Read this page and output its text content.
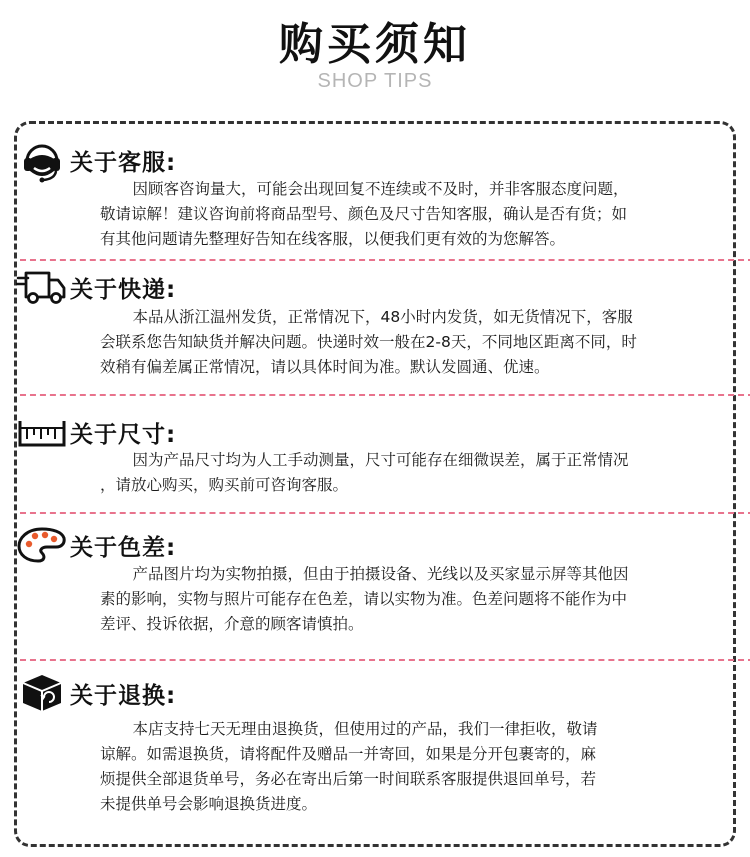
购买须知
SHOP TIPS
关于客服:
因顾客咨询量大，可能会出现回复不连续或不及时，并非客服态度问题，
敬请谅解！建议咨询前将商品型号、颜色及尺寸告知客服，确认是否有货；如
有其他问题请先整理好告知在线客服，以便我们更有效的为您解答。
关于快递:
本品从浙江温州发货，正常情况下，48小时内发货，如无货情况下，客服
会联系您告知缺货并解决问题。快递时效一般在2-8天，不同地区距离不同，时
效稍有偏差属正常情况，请以具体时间为准。默认发圆通、优速。
关于尺寸:
因为产品尺寸均为人工手动测量，尺寸可能存在细微误差，属于正常情况
，请放心购买，购买前可咨询客服。
关于色差:
产品图片均为实物拍摄，但由于拍摄设备、光线以及买家显示屏等其他因
素的影响，实物与照片可能存在色差，请以实物为准。色差问题将不能作为中
差评、投诉依据，介意的顾客请慎拍。
关于退换:
本店支持七天无理由退换货，但使用过的产品，我们一律拒收，敬请
谅解。如需退换货，请将配件及赠品一并寄回，如果是分开包裹寄的，麻
烦提供全部退货单号，务必在寄出后第一时间联系客服提供退回单号，若
未提供单号会影响退换货进度。
